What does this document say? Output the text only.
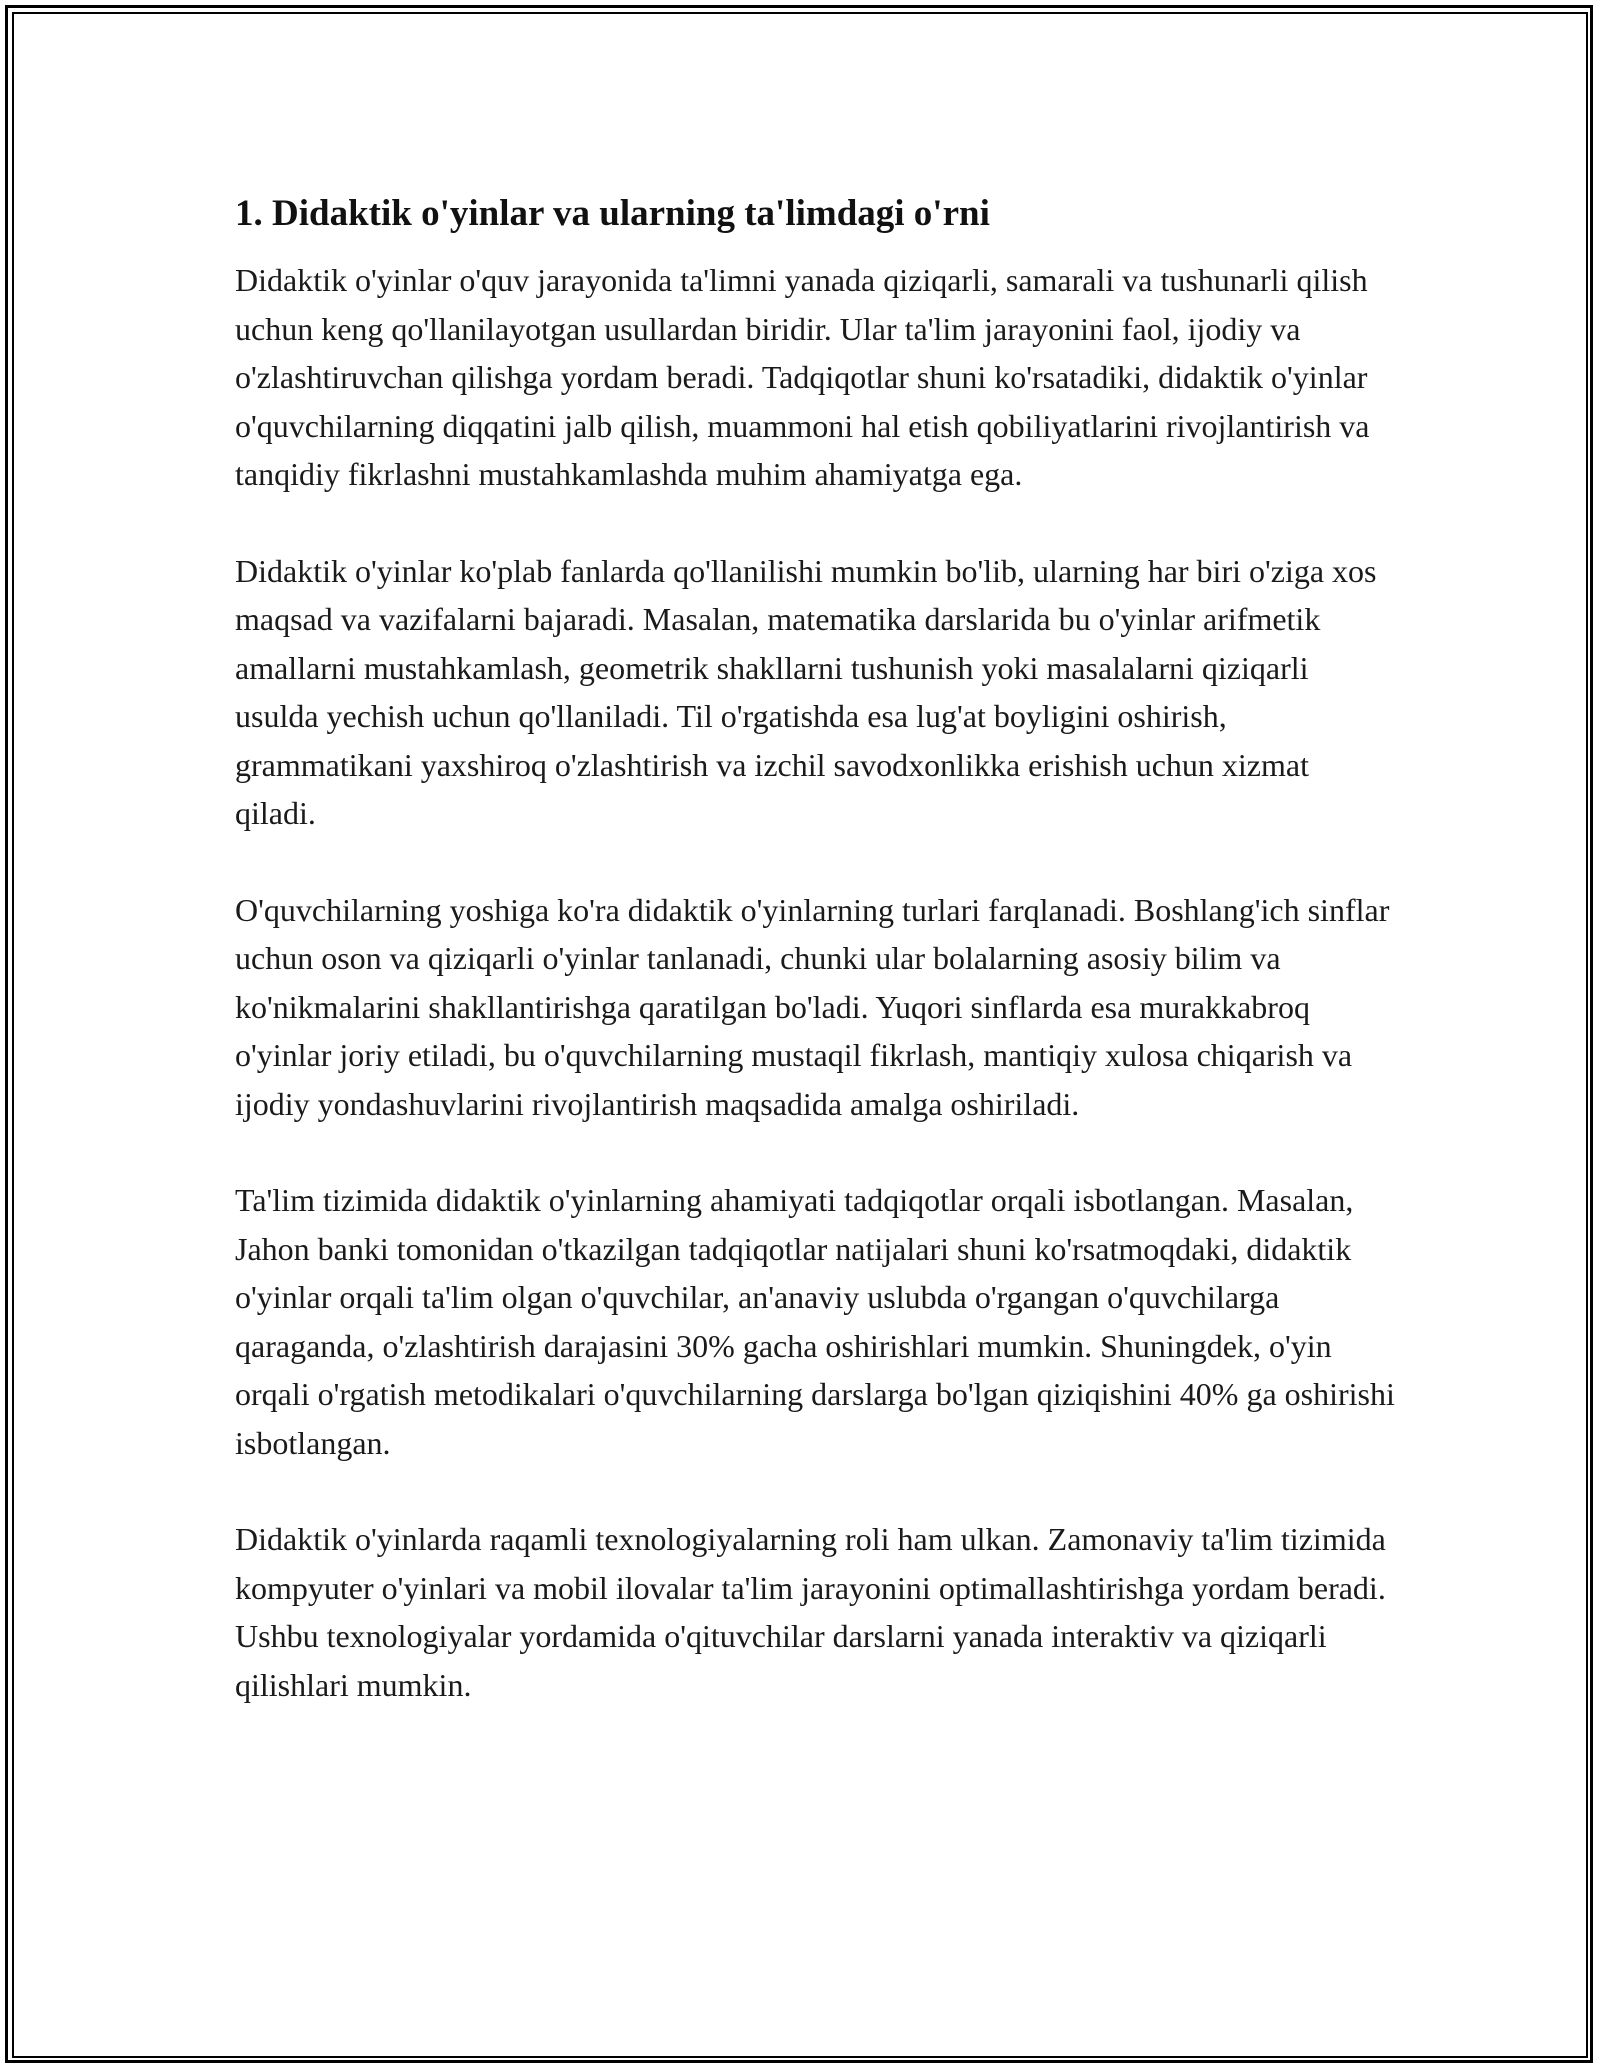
1. Didaktik o'yinlar va ularning ta'limdagi o'rni

Didaktik o'yinlar o'quv jarayonida ta'limni yanada qiziqarli, samarali va tushunarli qilish uchun keng qo'llanilayotgan usullardan biridir. Ular ta'lim jarayonini faol, ijodiy va o'zlashtiruvchan qilishga yordam beradi. Tadqiqotlar shuni ko'rsatadiki, didaktik o'yinlar o'quvchilarning diqqatini jalb qilish, muammoni hal etish qobiliyatlarini rivojlantirish va tanqidiy fikrlashni mustahkamlashda muhim ahamiyatga ega.

Didaktik o'yinlar ko'plab fanlarda qo'llanilishi mumkin bo'lib, ularning har biri o'ziga xos maqsad va vazifalarni bajaradi. Masalan, matematika darslarida bu o'yinlar arifmetik amallarni mustahkamlash, geometrik shakllarni tushunish yoki masalalarni qiziqarli usulda yechish uchun qo'llaniladi. Til o'rgatishda esa lug'at boyligini oshirish, grammatikani yaxshiroq o'zlashtirish va izchil savodxonlikka erishish uchun xizmat qiladi.

O'quvchilarning yoshiga ko'ra didaktik o'yinlarning turlari farqlanadi. Boshlang'ich sinflar uchun oson va qiziqarli o'yinlar tanlanadi, chunki ular bolalarning asosiy bilim va ko'nikmalarini shakllantirishga qaratilgan bo'ladi. Yuqori sinflarda esa murakkabroq o'yinlar joriy etiladi, bu o'quvchilarning mustaqil fikrlash, mantiqiy xulosa chiqarish va ijodiy yondashuvlarini rivojlantirish maqsadida amalga oshiriladi.

Ta'lim tizimida didaktik o'yinlarning ahamiyati tadqiqotlar orqali isbotlangan. Masalan, Jahon banki tomonidan o'tkazilgan tadqiqotlar natijalari shuni ko'rsatmoqdaki, didaktik o'yinlar orqali ta'lim olgan o'quvchilar, an'anaviy uslubda o'rgangan o'quvchilarga qaraganda, o'zlashtirish darajasini 30% gacha oshirishlari mumkin. Shuningdek, o'yin orqali o'rgatish metodikalari o'quvchilarning darslarga bo'lgan qiziqishini 40% ga oshirishi isbotlangan.

Didaktik o'yinlarda raqamli texnologiyalarning roli ham ulkan. Zamonaviy ta'lim tizimida kompyuter o'yinlari va mobil ilovalar ta'lim jarayonini optimallashtirishga yordam beradi. Ushbu texnologiyalar yordamida o'qituvchilar darslarni yanada interaktiv va qiziqarli qilishlari mumkin.
